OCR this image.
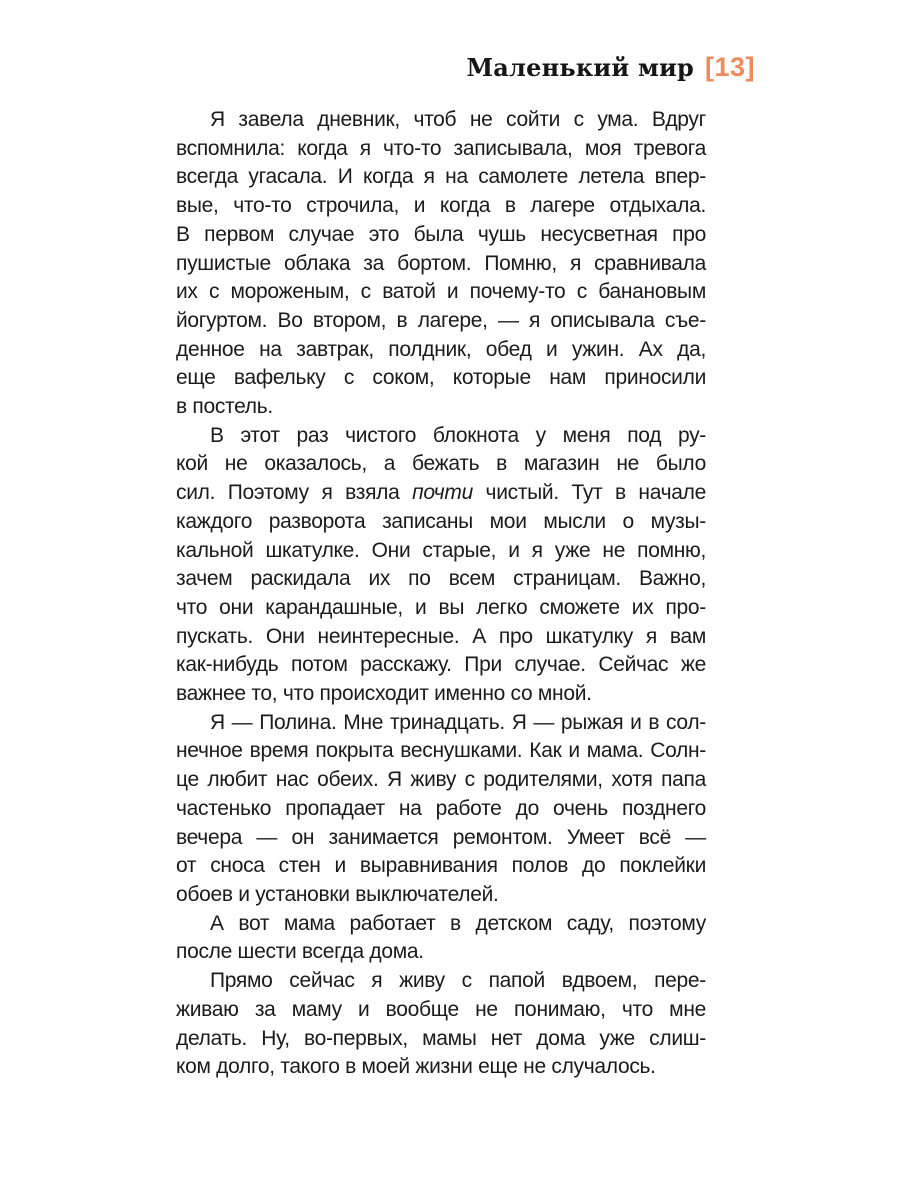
Маленький мир [13]
Я завела дневник, чтоб не сойти с ума. Вдруг
вспомнила: когда я что-то записывала, моя тревога
всегда угасала. И когда я на самолете летела впер-
вые, что-то строчила, и когда в лагере отдыхала.
В первом случае это была чушь несусветная про
пушистые облака за бортом. Помню, я сравнивала
их с мороженым, с ватой и почему-то с банановым
йогуртом. Во втором, в лагере, — я описывала съе-
денное на завтрак, полдник, обед и ужин. Ах да,
еще вафельку с соком, которые нам приносили
в постель.
В этот раз чистого блокнота у меня под ру-
кой не оказалось, а бежать в магазин не было
сил. Поэтому я взяла почти чистый. Тут в начале
каждого разворота записаны мои мысли о музы-
кальной шкатулке. Они старые, и я уже не помню,
зачем раскидала их по всем страницам. Важно,
что они карандашные, и вы легко сможете их про-
пускать. Они неинтересные. А про шкатулку я вам
как-нибудь потом расскажу. При случае. Сейчас же
важнее то, что происходит именно со мной.
Я — Полина. Мне тринадцать. Я — рыжая и в сол-
нечное время покрыта веснушками. Как и мама. Солн-
це любит нас обеих. Я живу с родителями, хотя папа
частенько пропадает на работе до очень позднего
вечера — он занимается ремонтом. Умеет всё —
от сноса стен и выравнивания полов до поклейки
обоев и установки выключателей.
А вот мама работает в детском саду, поэтому
после шести всегда дома.
Прямо сейчас я живу с папой вдвоем, пере-
живаю за маму и вообще не понимаю, что мне
делать. Ну, во-первых, мамы нет дома уже слиш-
ком долго, такого в моей жизни еще не случалось.
